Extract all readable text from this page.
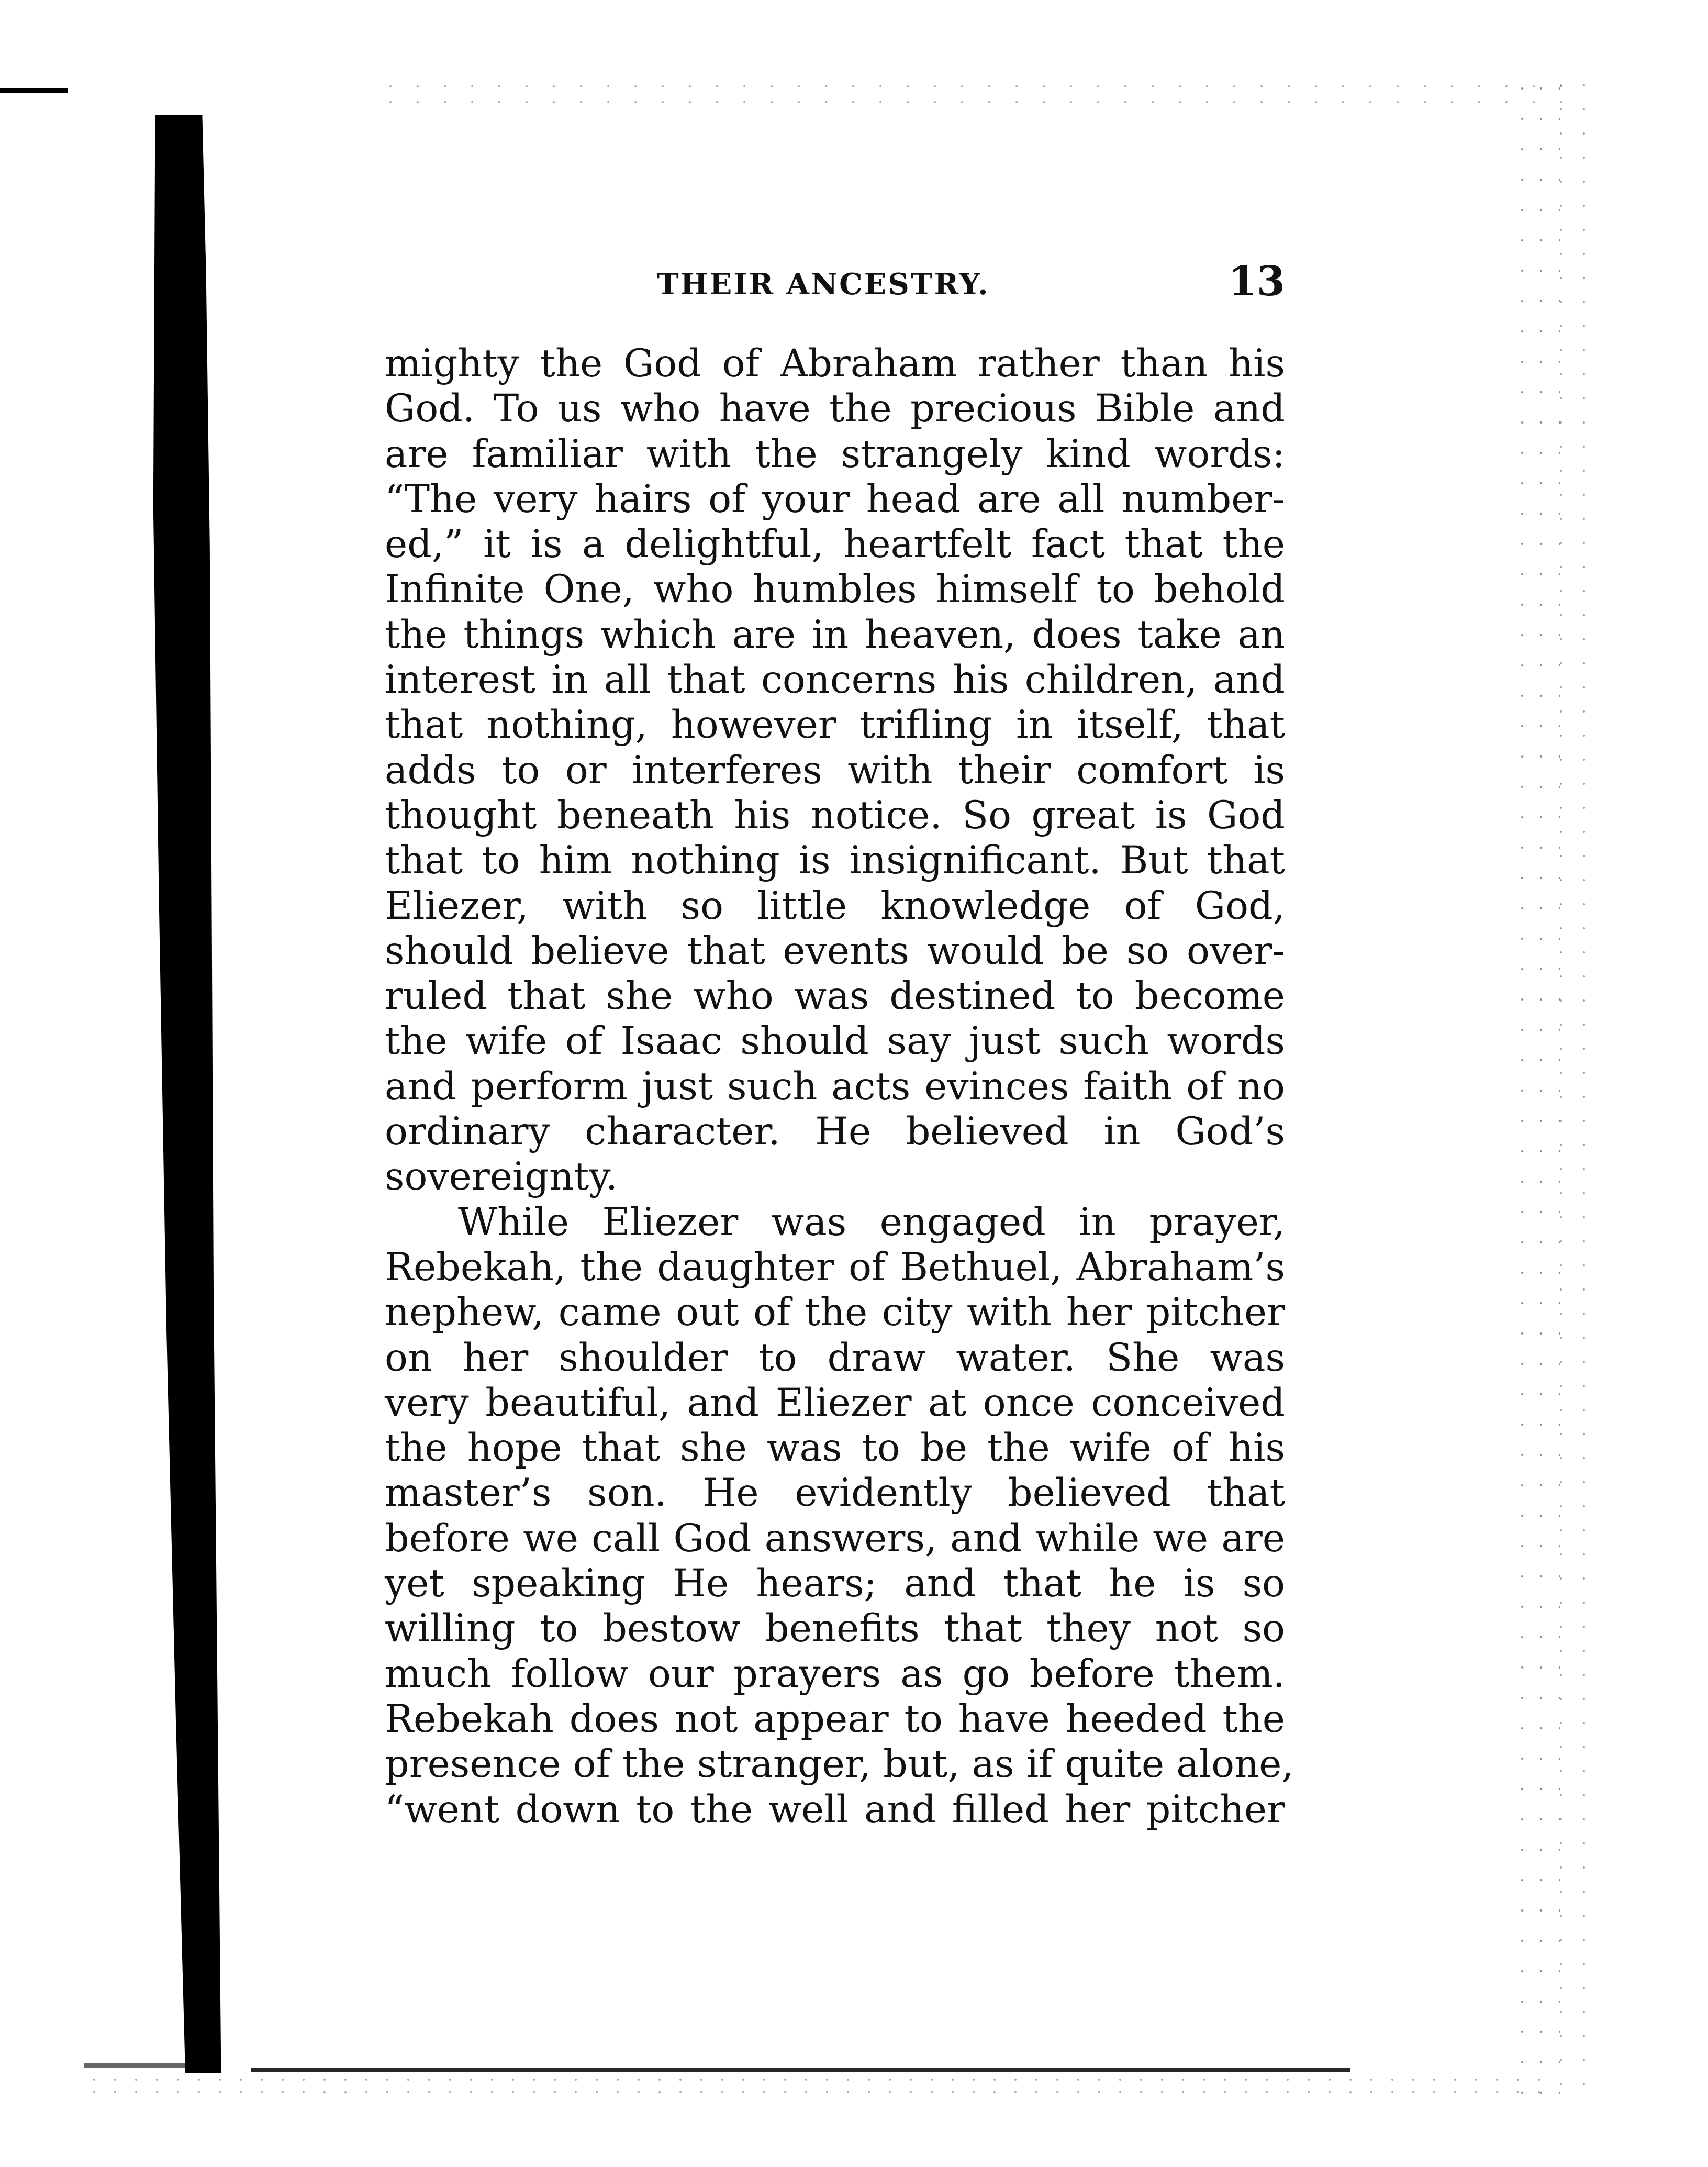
THEIR ANCESTRY.	13
mighty the God of Abraham rather than his
God. To us who have the precious Bible and
are familiar with the strangely kind words:
“The very hairs of your head are all number-
ed,” it is a delightful, heartfelt fact that the
Infinite One, who humbles himself to behold
the things which are in heaven, does take an
interest in all that concerns his children, and
that nothing, however trifling in itself, that
adds to or interferes with their comfort is
thought beneath his notice. So great is God
that to him nothing is insignificant. But that
Eliezer, with so little knowledge of God,
should believe that events would be so over-
ruled that she who was destined to become
the wife of Isaac should say just such words
and perform just such acts evinces faith of no
ordinary character. He believed in God’s
sovereignty.
While Eliezer was engaged in prayer,
Rebekah, the daughter of Bethuel, Abraham’s
nephew, came out of the city with her pitcher
on her shoulder to draw water. She was
very beautiful, and Eliezer at once conceived
the hope that she was to be the wife of his
master’s son. He evidently believed that
before we call God answers, and while we are
yet speaking He hears; and that he is so
willing to bestow benefits that they not so
much follow our prayers as go before them.
Rebekah does not appear to have heeded the
presence of the stranger, but, as if quite alone,
“went down to the well and filled her pitcher
